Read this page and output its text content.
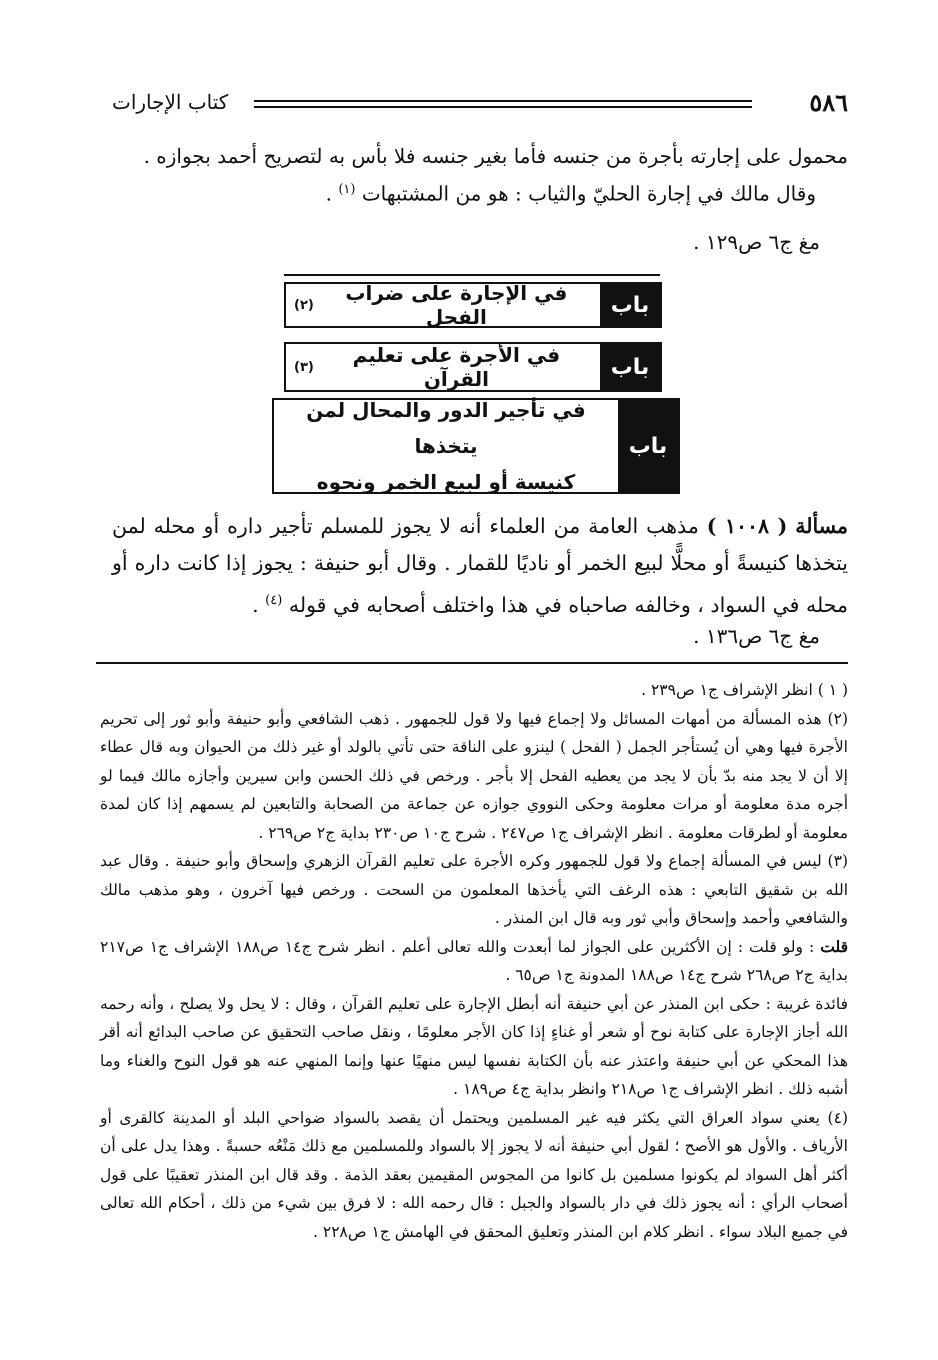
٥٨٦
كتاب الإجارات
محمول على إجارته بأجرة من جنسه فأما بغير جنسه فلا بأس به لتصريح أحمد بجوازه .
وقال مالك في إجارة الحليّ والثياب : هو من المشتبهات $^{(١)}$ .
مغ ج٦ ص١٢٩ .
باب
في الإجارة على ضراب الفحل

(٢)
باب
في الأجرة على تعليم القرآن

(٣)
باب
في تأجير الدور والمحال لمن يتخذها
كنيسة أو لبيع الخمر ونحوه
مسألة ( ١٠٠٨ ) مذهب العامة من العلماء أنه لا يجوز للمسلم تأجير داره أو محله لمن يتخذها كنيسةً أو محلًّا لبيع الخمر أو ناديًا للقمار . وقال أبو حنيفة : يجوز إذا كانت داره أو محله في السواد ، وخالفه صاحباه في هذا واختلف أصحابه في قوله $^{(٤)}$ .
مغ ج٦ ص١٣٦ .

( ١ ) انظر الإشراف ج١ ص٢٣٩ .

(٢) هذه المسألة من أمهات المسائل ولا إجماع فيها ولا قول للجمهور . ذهب الشافعي وأبو حنيفة وأبو ثور إلى تحريم الأجرة فيها وهي أن يُستأجر الجمل ( الفحل ) لينزو على الناقة حتى تأتي بالولد أو غير ذلك من الحيوان وبه قال عطاء إلا أن لا يجد منه بدّ بأن لا يجد من يعطيه الفحل إلا بأجر . ورخص في ذلك الحسن وابن سيرين وأجازه مالك فيما لو أجره مدة معلومة أو مرات معلومة وحكى النووي جوازه عن جماعة من الصحابة والتابعين لم يسمهم إذا كان لمدة معلومة أو لطرقات معلومة . انظر الإشراف ج١ ص٢٤٧ . شرح ج١٠ ص٢٣٠ بداية ج٢ ص٢٦٩ .

(٣) ليس في المسألة إجماع ولا قول للجمهور وكره الأجرة على تعليم القرآن الزهري وإسحاق وأبو حنيفة . وقال عبد الله بن شقيق التابعي : هذه الرغف التي يأخذها المعلمون من السحت . ورخص فيها آخرون ، وهو مذهب مالك والشافعي وأحمد وإسحاق وأبي ثور وبه قال ابن المنذر .

قلت : ولو قلت : إن الأكثرين على الجواز لما أبعدت والله تعالى أعلم . انظر شرح ج١٤ ص١٨٨ الإشراف ج١ ص٢١٧ بداية ج٢ ص٢٦٨ شرح ج١٤ ص١٨٨ المدونة ج١ ص٦٥ .

فائدة غريبة : حكى ابن المنذر عن أبي حنيفة أنه أبطل الإجارة على تعليم القرآن ، وقال : لا يحل ولا يصلح ، وأنه رحمه الله أجاز الإجارة على كتابة نوح أو شعر أو غناءٍ إذا كان الأجر معلومًا ، ونقل صاحب التحقيق عن صاحب البدائع أنه أقر هذا المحكي عن أبي حنيفة واعتذر عنه بأن الكتابة نفسها ليس منهيًا عنها وإنما المنهي عنه هو قول النوح والغناء وما أشبه ذلك . انظر الإشراف ج١ ص٢١٨ وانظر بداية ج٤ ص١٨٩ .

(٤) يعني سواد العراق التي يكثر فيه غير المسلمين ويحتمل أن يقصد بالسواد ضواحي البلد أو المدينة كالقرى أو الأرياف . والأول هو الأصح ؛ لقول أبي حنيفة أنه لا يجوز إلا بالسواد وللمسلمين مع ذلك مَنْعُه حسبةً . وهذا يدل على أن أكثر أهل السواد لم يكونوا مسلمين بل كانوا من المجوس المقيمين بعقد الذمة . وقد قال ابن المنذر تعقيبًا على قول أصحاب الرأي : أنه يجوز ذلك في دار بالسواد والجبل : قال رحمه الله : لا فرق بين شيء من ذلك ، أحكام الله تعالى في جميع البلاد سواء . انظر كلام ابن المنذر وتعليق المحقق في الهامش ج١ ص٢٢٨ .
